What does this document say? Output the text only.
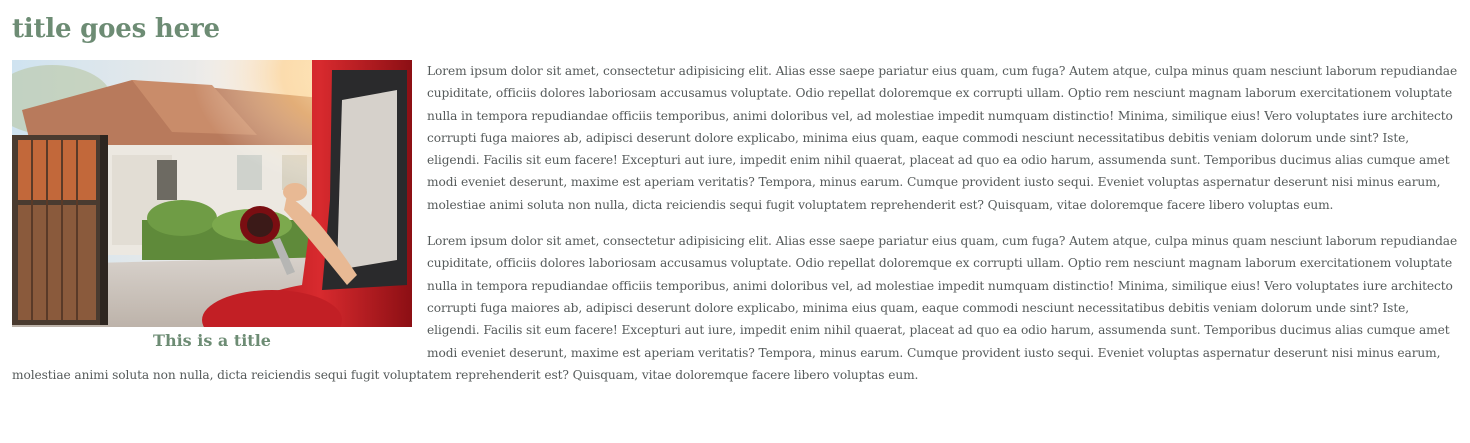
title goes here
This is a title

Lorem ipsum dolor sit amet, consectetur adipisicing elit. Alias esse saepe pariatur eius quam, cum fuga? Autem atque, culpa minus quam nesciunt laborum repudiandae cupiditate, officiis dolores laboriosam accusamus voluptate. Odio repellat doloremque ex corrupti ullam. Optio rem nesciunt magnam laborum exercitationem voluptate nulla in tempora repudiandae officiis temporibus, animi doloribus vel, ad molestiae impedit numquam distinctio! Minima, similique eius! Vero voluptates iure architecto corrupti fuga maiores ab, adipisci deserunt dolore explicabo, minima eius quam, eaque commodi nesciunt necessitatibus debitis veniam dolorum unde sint? Iste, eligendi. Facilis sit eum facere! Excepturi aut iure, impedit enim nihil quaerat, placeat ad quo ea odio harum, assumenda sunt. Temporibus ducimus alias cumque amet modi eveniet deserunt, maxime est aperiam veritatis? Tempora, minus earum. Cumque provident iusto sequi. Eveniet voluptas aspernatur deserunt nisi minus earum, molestiae animi soluta non nulla, dicta reiciendis sequi fugit voluptatem reprehenderit est? Quisquam, vitae doloremque facere libero voluptas eum.

Lorem ipsum dolor sit amet, consectetur adipisicing elit. Alias esse saepe pariatur eius quam, cum fuga? Autem atque, culpa minus quam nesciunt laborum repudiandae cupiditate, officiis dolores laboriosam accusamus voluptate. Odio repellat doloremque ex corrupti ullam. Optio rem nesciunt magnam laborum exercitationem voluptate nulla in tempora repudiandae officiis temporibus, animi doloribus vel, ad molestiae impedit numquam distinctio! Minima, similique eius! Vero voluptates iure architecto corrupti fuga maiores ab, adipisci deserunt dolore explicabo, minima eius quam, eaque commodi nesciunt necessitatibus debitis veniam dolorum unde sint? Iste, eligendi. Facilis sit eum facere! Excepturi aut iure, impedit enim nihil quaerat, placeat ad quo ea odio harum, assumenda sunt. Temporibus ducimus alias cumque amet modi eveniet deserunt, maxime est aperiam veritatis? Tempora, minus earum. Cumque provident iusto sequi. Eveniet voluptas aspernatur deserunt nisi minus earum, molestiae animi soluta non nulla, dicta reiciendis sequi fugit voluptatem reprehenderit est? Quisquam, vitae doloremque facere libero voluptas eum.
